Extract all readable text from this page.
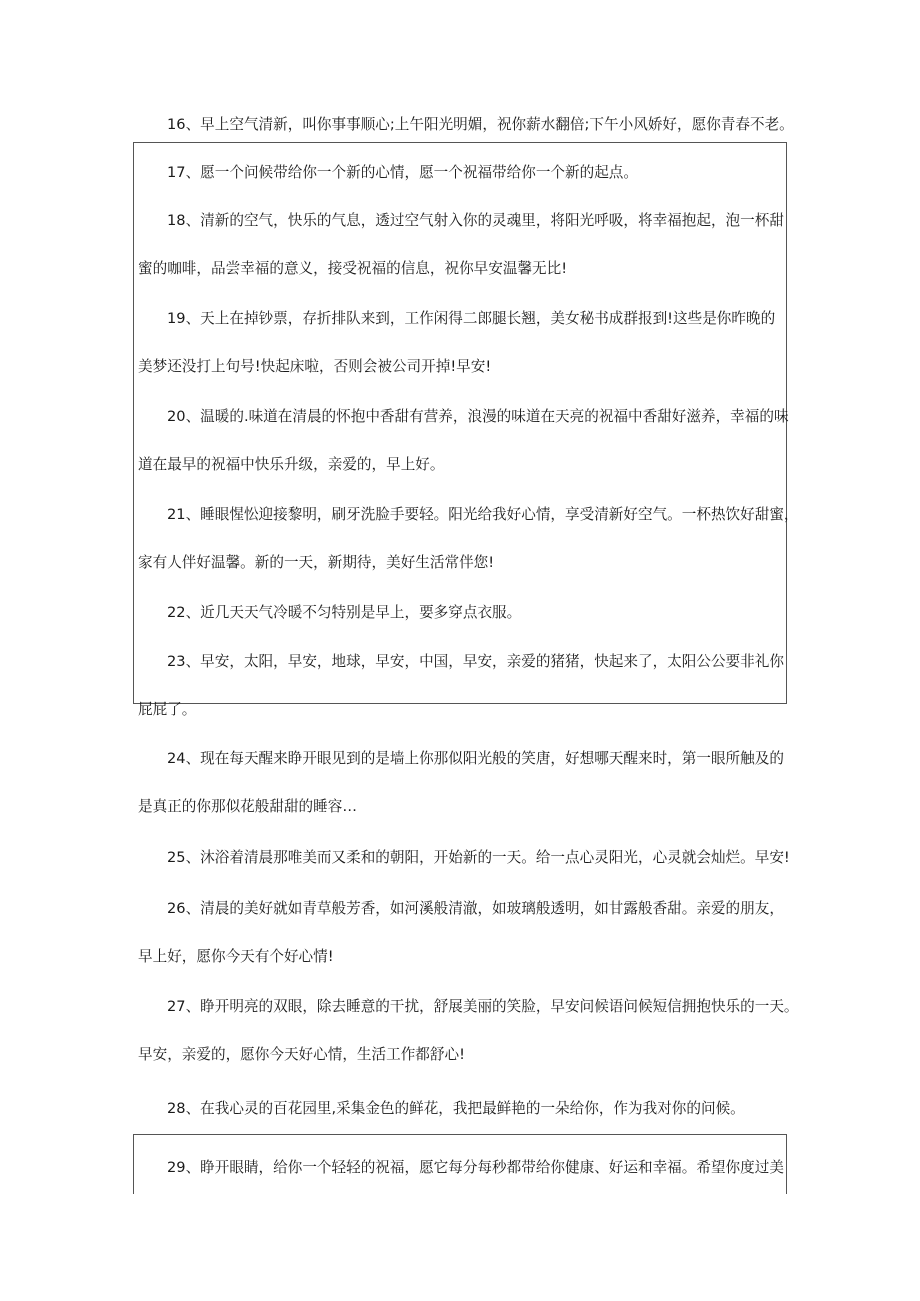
16、早上空气清新，叫你事事顺心;上午阳光明媚，祝你薪水翻倍;下午小风娇好，愿你青春不老。
17、愿一个问候带给你一个新的心情，愿一个祝福带给你一个新的起点。
18、清新的空气，快乐的气息，透过空气射入你的灵魂里，将阳光呼吸，将幸福抱起，泡一杯甜
蜜的咖啡，品尝幸福的意义，接受祝福的信息，祝你早安温馨无比!
19、天上在掉钞票，存折排队来到，工作闲得二郎腿长翘，美女秘书成群报到!这些是你昨晚的
美梦还没打上句号!快起床啦，否则会被公司开掉!早安!
20、温暖的.味道在清晨的怀抱中香甜有营养，浪漫的味道在天亮的祝福中香甜好滋养，幸福的味
道在最早的祝福中快乐升级，亲爱的，早上好。
21、睡眼惺忪迎接黎明，刷牙洗脸手要轻。阳光给我好心情，享受清新好空气。一杯热饮好甜蜜，
家有人伴好温馨。新的一天，新期待，美好生活常伴您!
22、近几天天气冷暖不匀特别是早上，要多穿点衣服。
23、早安，太阳，早安，地球，早安，中国，早安，亲爱的猪猪，快起来了，太阳公公要非礼你
屁屁了。
24、现在每天醒来睁开眼见到的是墙上你那似阳光般的笑唐，好想哪天醒来时，第一眼所触及的
是真正的你那似花般甜甜的睡容…
25、沐浴着清晨那唯美而又柔和的朝阳，开始新的一天。给一点心灵阳光，心灵就会灿烂。早安!
26、清晨的美好就如青草般芳香，如河溪般清澈，如玻璃般透明，如甘露般香甜。亲爱的朋友，
早上好，愿你今天有个好心情!
27、睁开明亮的双眼，除去睡意的干扰，舒展美丽的笑脸，早安问候语问候短信拥抱快乐的一天。
早安，亲爱的，愿你今天好心情，生活工作都舒心!
28、在我心灵的百花园里,采集金色的鲜花，我把最鲜艳的一朵给你，作为我对你的问候。
29、睁开眼睛，给你一个轻轻的祝福，愿它每分每秒都带给你健康、好运和幸福。希望你度过美
